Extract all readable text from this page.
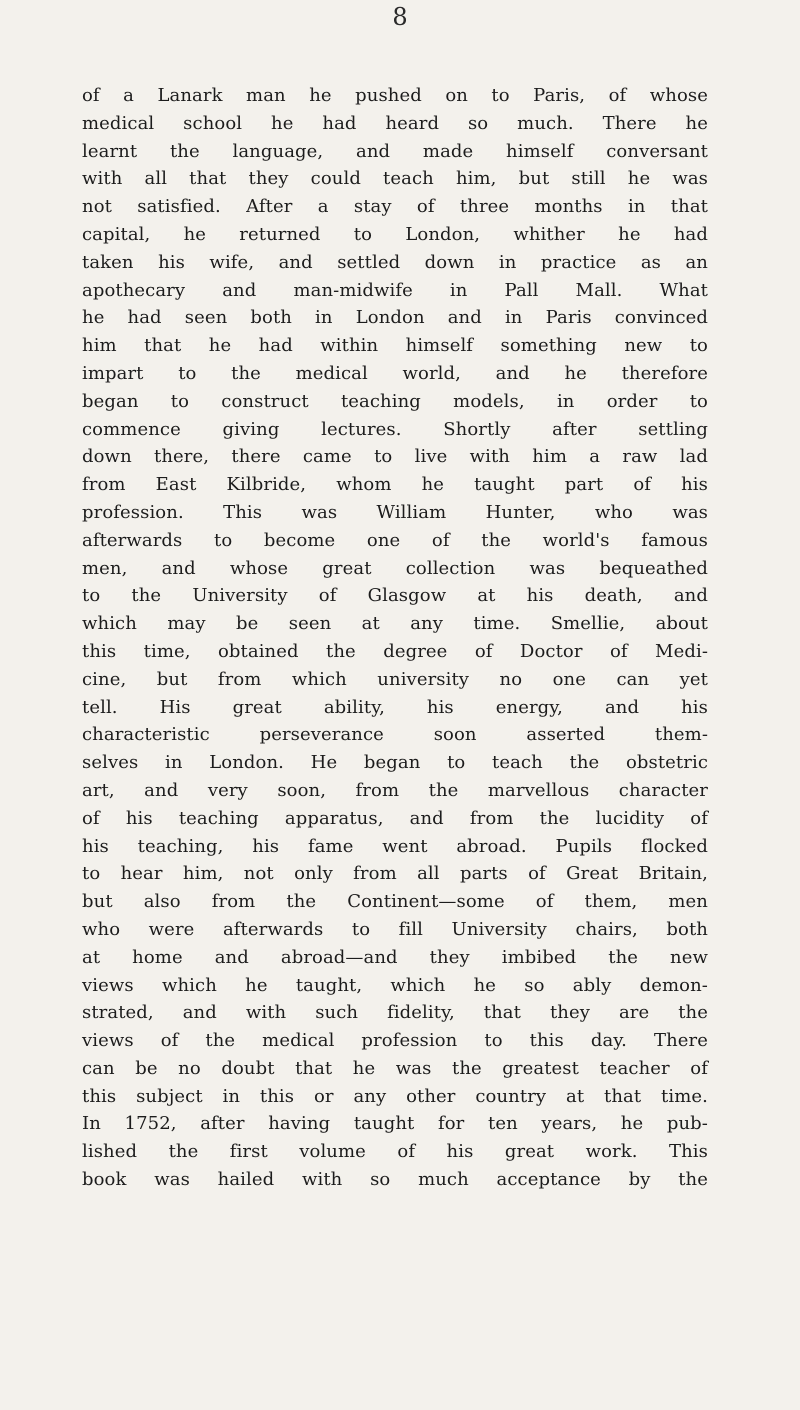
8
of a Lanark man he pushed on to Paris, of whose
medical school he had heard so much. There he
learnt the language, and made himself conversant
with all that they could teach him, but still he was
not satisfied. After a stay of three months in that
capital, he returned to London, whither he had
taken his wife, and settled down in practice as an
apothecary and man-midwife in Pall Mall. What
he had seen both in London and in Paris convinced
him that he had within himself something new to
impart to the medical world, and he therefore
began to construct teaching models, in order to
commence giving lectures. Shortly after settling
down there, there came to live with him a raw lad
from East Kilbride, whom he taught part of his
profession. This was William Hunter, who was
afterwards to become one of the world's famous
men, and whose great collection was bequeathed
to the University of Glasgow at his death, and
which may be seen at any time. Smellie, about
this time, obtained the degree of Doctor of Medi-
cine, but from which university no one can yet
tell. His great ability, his energy, and his
characteristic perseverance soon asserted them-
selves in London. He began to teach the obstetric
art, and very soon, from the marvellous character
of his teaching apparatus, and from the lucidity of
his teaching, his fame went abroad. Pupils flocked
to hear him, not only from all parts of Great Britain,
but also from the Continent—some of them, men
who were afterwards to fill University chairs, both
at home and abroad—and they imbibed the new
views which he taught, which he so ably demon-
strated, and with such fidelity, that they are the
views of the medical profession to this day. There
can be no doubt that he was the greatest teacher of
this subject in this or any other country at that time.
In 1752, after having taught for ten years, he pub-
lished the first volume of his great work. This
book was hailed with so much acceptance by the
